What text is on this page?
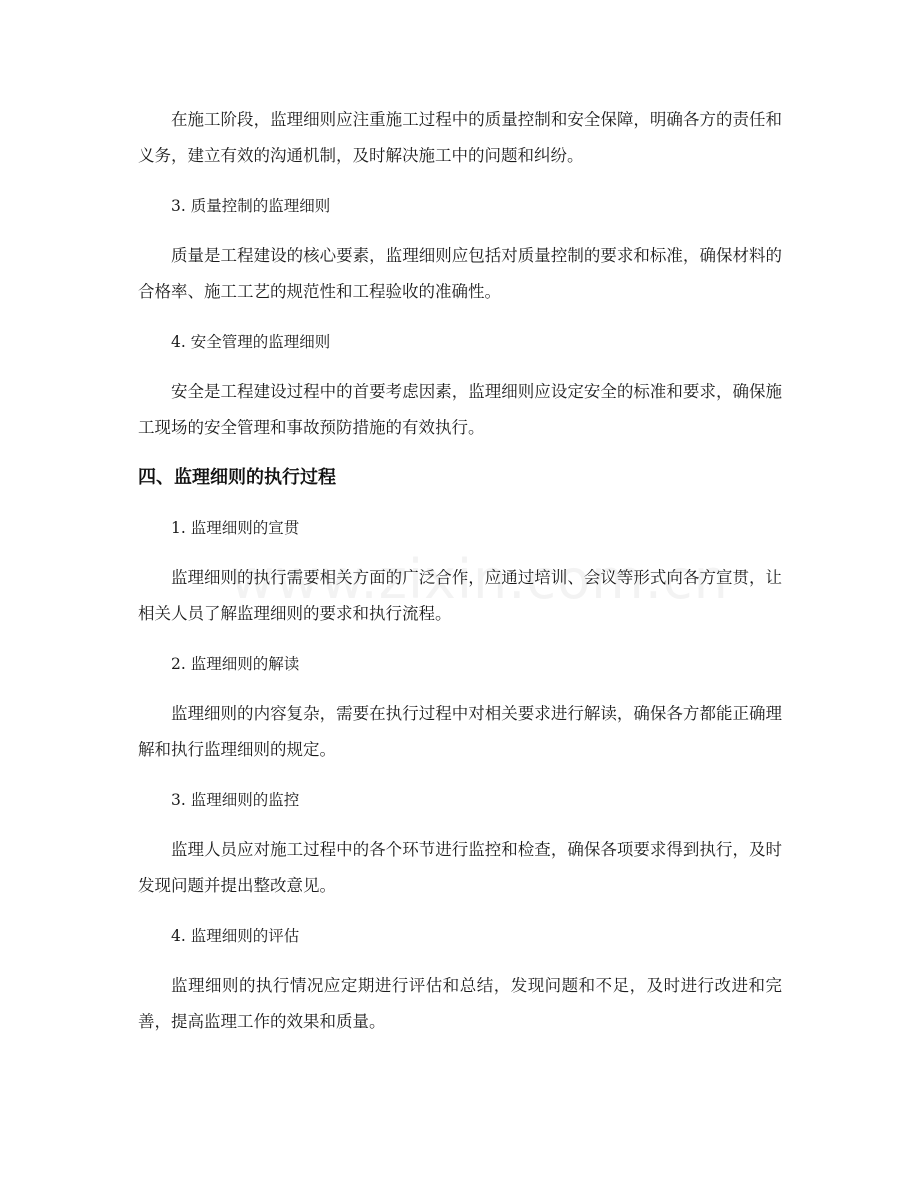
在施工阶段，监理细则应注重施工过程中的质量控制和安全保障，明确各方的责任和义务，建立有效的沟通机制，及时解决施工中的问题和纠纷。

3. 质量控制的监理细则

质量是工程建设的核心要素，监理细则应包括对质量控制的要求和标准，确保材料的合格率、施工工艺的规范性和工程验收的准确性。

4. 安全管理的监理细则

安全是工程建设过程中的首要考虑因素，监理细则应设定安全的标准和要求，确保施工现场的安全管理和事故预防措施的有效执行。

四、监理细则的执行过程

1. 监理细则的宣贯

监理细则的执行需要相关方面的广泛合作，应通过培训、会议等形式向各方宣贯，让相关人员了解监理细则的要求和执行流程。

2. 监理细则的解读

监理细则的内容复杂，需要在执行过程中对相关要求进行解读，确保各方都能正确理解和执行监理细则的规定。

3. 监理细则的监控

监理人员应对施工过程中的各个环节进行监控和检查，确保各项要求得到执行，及时发现问题并提出整改意见。

4. 监理细则的评估

监理细则的执行情况应定期进行评估和总结，发现问题和不足，及时进行改进和完善，提高监理工作的效果和质量。
